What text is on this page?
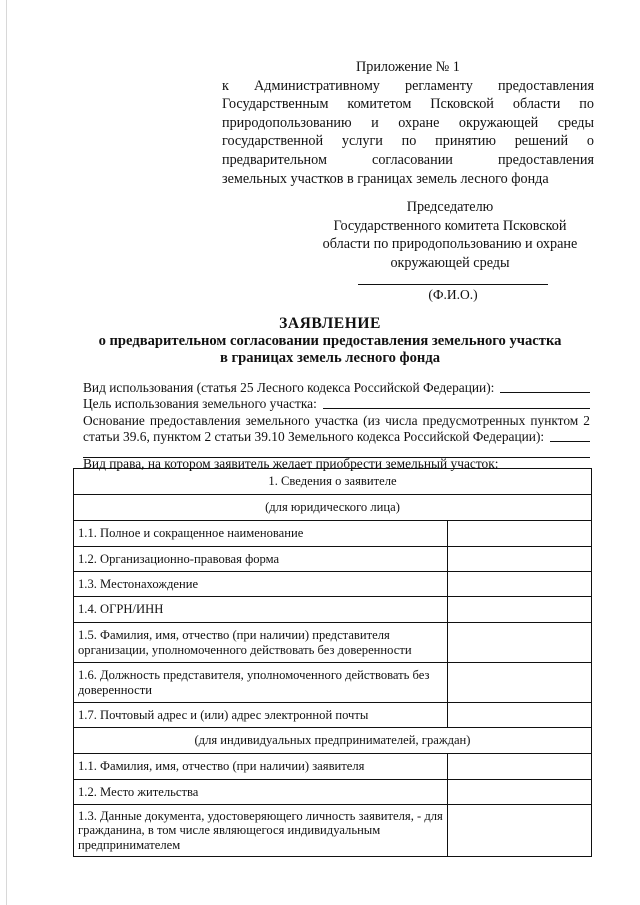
Приложение № 1
к Административному регламенту предоставления
Государственным комитетом Псковской области по
природопользованию и охране окружающей среды
государственной услуги по принятию решений о
предварительном согласовании предоставления
земельных участков в границах земель лесного фонда
Председателю
Государственного комитета Псковской
области по природопользованию и охране
окружающей среды
(Ф.И.О.)
ЗАЯВЛЕНИЕ
о предварительном согласовании предоставления земельного участка
в границах земель лесного фонда
Вид использования (статья 25 Лесного кодекса Российской Федерации):
Цель использования земельного участка:
Основание предоставления земельного участка (из числа предусмотренных пунктом 2
статьи 39.6, пунктом 2 статьи 39.10 Земельного кодекса Российской Федерации):
Вид права, на котором заявитель желает приобрести земельный участок:
1. Сведения о заявителе	
(для юридического лица)	
1.1. Полное и сокращенное наименование	
1.2. Организационно-правовая форма	
1.3. Местонахождение	
1.4. ОГРН/ИНН	
1.5. Фамилия, имя, отчество (при наличии) представителя организации, уполномоченного действовать без доверенности	
1.6. Должность представителя, уполномоченного действовать без доверенности	
1.7. Почтовый адрес и (или) адрес электронной почты	
(для индивидуальных предпринимателей, граждан)	
1.1. Фамилия, имя, отчество (при наличии) заявителя	
1.2. Место жительства	
1.3. Данные документа, удостоверяющего личность заявителя, - для гражданина, в том числе являющегося индивидуальным предпринимателем	
